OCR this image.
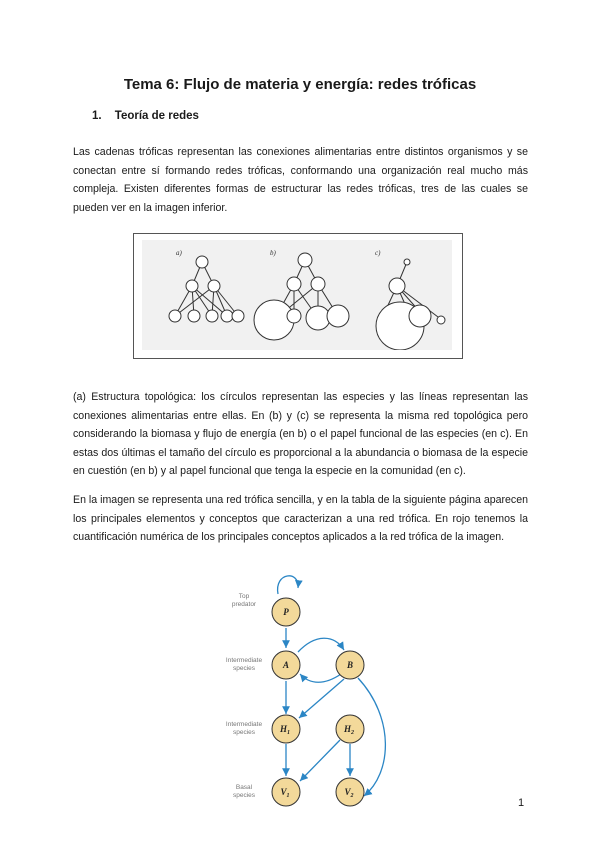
Tema 6: Flujo de materia y energía: redes tróficas
1. Teoría de redes

Las cadenas tróficas representan las conexiones alimentarias entre distintos organismos y se conectan entre sí formando redes tróficas, conformando una organización real mucho más compleja. Existen diferentes formas de estructurar las redes tróficas, tres de las cuales se pueden ver en la imagen inferior.

a)	b)	c)

(a) Estructura topológica: los círculos representan las especies y las líneas representan las conexiones alimentarias entre ellas. En (b) y (c) se representa la misma red topológica pero considerando la biomasa y flujo de energía (en b) o el papel funcional de las especies (en c). En estas dos últimas el tamaño del círculo es proporcional a la abundancia o biomasa de la especie en cuestión (en b) y al papel funcional que tenga la especie en la comunidad (en c).

En la imagen se representa una red trófica sencilla, y en la tabla de la siguiente página aparecen los principales elementos y conceptos que caracterizan a una red trófica. En rojo tenemos la cuantificación numérica de los principales conceptos aplicados a la red trófica de la imagen.

Top
predator
Intermediate
species
Intermediate
species
Basal
species
P
A	B
$H_1$	$H_2$
$V_1$	$V_2$
1
